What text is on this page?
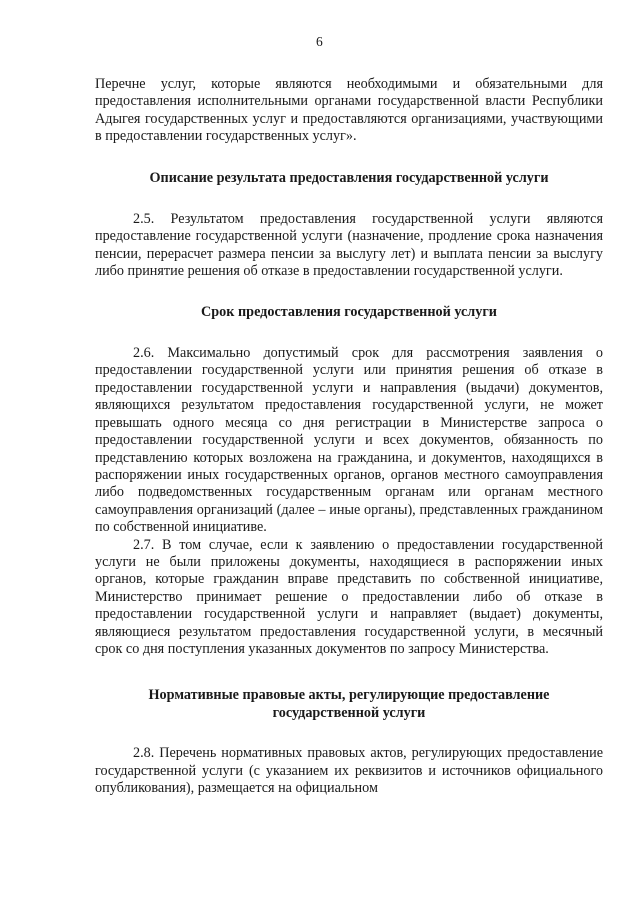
6

Перечне услуг, которые являются необходимыми и обязательными для предоставления исполнительными органами государственной власти Республики Адыгея государственных услуг и предоставляются организациями, участвующими в предоставлении государственных услуг».

Описание результата предоставления государственной услуги

2.5. Результатом предоставления государственной услуги являются предоставление государственной услуги (назначение, продление срока назначения пенсии, перерасчет размера пенсии за выслугу лет) и выплата пенсии за выслугу либо принятие решения об отказе в предоставлении государственной услуги.

Срок предоставления государственной услуги

2.6. Максимально допустимый срок для рассмотрения заявления о предоставлении государственной услуги или принятия решения об отказе в предоставлении государственной услуги и направления (выдачи) документов, являющихся результатом предоставления государственной услуги, не может превышать одного месяца со дня регистрации в Министерстве запроса о предоставлении государственной услуги и всех документов, обязанность по представлению которых возложена на гражданина, и документов, находящихся в распоряжении иных государственных органов, органов местного самоуправления либо подведомственных государственным органам или органам местного самоуправления организаций (далее – иные органы), представленных гражданином по собственной инициативе.

2.7. В том случае, если к заявлению о предоставлении государственной услуги не были приложены документы, находящиеся в распоряжении иных органов, которые гражданин вправе представить по собственной инициативе, Министерство принимает решение о предоставлении либо об отказе в предоставлении государственной услуги и направляет (выдает) документы, являющиеся результатом предоставления государственной услуги, в месячный срок со дня поступления указанных документов по запросу Министерства.

Нормативные правовые акты, регулирующие предоставление
государственной услуги

2.8. Перечень нормативных правовых актов, регулирующих предоставление государственной услуги (с указанием их реквизитов и источников официального опубликования), размещается на официальном
